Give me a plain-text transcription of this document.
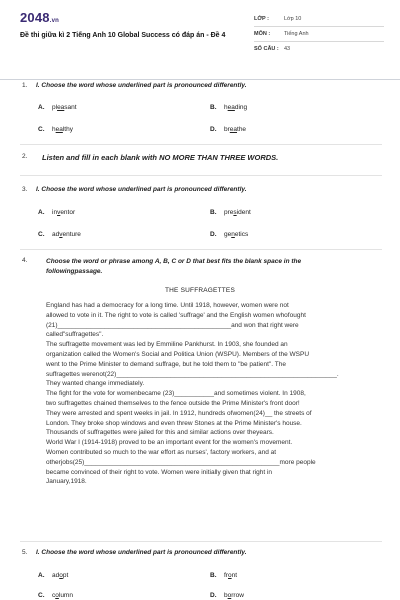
2048.vn
Đề thi giữa kì 2 Tiếng Anh 10 Global Success có đáp án - Đề 4
LỚP :	Lớp 10
MÔN :	Tiếng Anh
SỐ CÂU : 43
1. I. Choose the word whose underlined part is pronounced differently.
A. pleasant	B. heading
C. healthy	D. breathe
2. Listen and fill in each blank with NO MORE THAN THREE WORDS.
3. I. Choose the word whose underlined part is pronounced differently.
A. inventor	B. president
C. adventure	D. genetics
4.	Choose the word or phrase among A, B, C or D that best fits the blank space in the followingpassage.
THE SUFFRAGETTES
England has had a democracy for a long time. Until 1918, however, women were not
allowed to vote in it. The right to vote is called 'suffrage' and the English women whofought
(21)________________________________________________and won that right were
called"suffragettes".
The suffragette movement was led by Emmiline Pankhurst. In 1903, she founded an
organization called the Women's Social and Politica Union (WSPU). Members of the WSPU
went to the Prime Minister to demand suffrage, but he told them to "be patient". The
suffragettes werenot(22)_____________________________________________________________.
They wanted change immediately.
The fight for the vote for womenbecame (23)___________and sometimes violent. In 1908,
two suffragettes chained themselves to the fence outside the Prime Minister's front door!
They were arrested and spent weeks in jail. In 1912, hundreds ofwomen(24)__ the streets of
London. They broke shop windows and even threw Stones at the Prime Minister's house.
Thousands of suffragettes were jailed for this and similar actions over theyears.
World War I (1914-1918) proved to be an important event for the women's movement.
Women contributed so much to the war effort as nurses', factory workers, and at
otherjobs(25)______________________________________________________more people
became convinced of their right to vote. Women were initially given that right in
January,1918.
5. I. Choose the word whose underlined part is pronounced differently.
A. adopt	B. front
C. column	D. borrow
